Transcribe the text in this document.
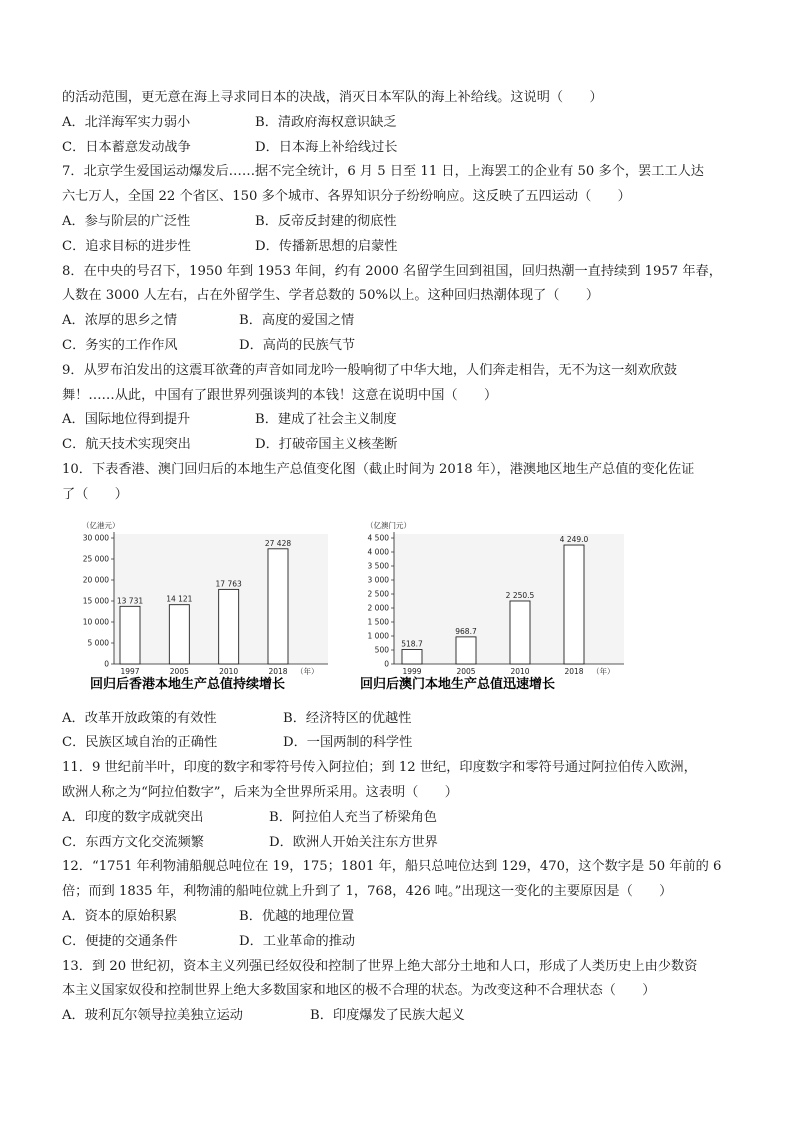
的活动范围，更无意在海上寻求同日本的决战，消灭日本军队的海上补给线。这说明（　　）
A．北洋海军实力弱小	B．清政府海权意识缺乏
C．日本蓄意发动战争	D．日本海上补给线过长
7．北京学生爱国运动爆发后……据不完全统计，6 月 5 日至 11 日，上海罢工的企业有 50 多个，罢工工人达
六七万人，全国 22 个省区、150 多个城市、各界知识分子纷纷响应。这反映了五四运动（　　）
A．参与阶层的广泛性	B．反帝反封建的彻底性
C．追求目标的进步性	D．传播新思想的启蒙性
8．在中央的号召下，1950 年到 1953 年间，约有 2000 名留学生回到祖国，回归热潮一直持续到 1957 年春，
人数在 3000 人左右，占在外留学生、学者总数的 50%以上。这种回归热潮体现了（　　）
A．浓厚的思乡之情	B．高度的爱国之情
C．务实的工作作风	D．高尚的民族气节
9．从罗布泊发出的这震耳欲聋的声音如同龙吟一般响彻了中华大地，人们奔走相告，无不为这一刻欢欣鼓
舞！……从此，中国有了跟世界列强谈判的本钱！这意在说明中国（　　）
A．国际地位得到提升	B．建成了社会主义制度
C．航天技术实现突出	D．打破帝国主义核垄断
10．下表香港、澳门回归后的本地生产总值变化图（截止时间为 2018 年），港澳地区地生产总值的变化佐证
了（　　）
（亿港元）
0
5 000
10 000
15 000
20 000
25 000
30 000
13 731
1997
14 121
2005
17 763
2010
27 428
2018 （年）
回归后香港本地生产总值持续增长
（亿澳门元）
0
500
1 000
1 500
2 000
2 500
3 000
3 500
4 000
4 500
518.7
1999
968.7
2005
2 250.5
2010
4 249.0
2018 （年）
回归后澳门本地生产总值迅速增长
A．改革开放政策的有效性	B．经济特区的优越性
C．民族区域自治的正确性	D．一国两制的科学性
11．9 世纪前半叶，印度的数字和零符号传入阿拉伯；到 12 世纪，印度数字和零符号通过阿拉伯传入欧洲，
欧洲人称之为“阿拉伯数字”，后来为全世界所采用。这表明（　　）
A．印度的数字成就突出	B．阿拉伯人充当了桥梁角色
C．东西方文化交流频繁	D．欧洲人开始关注东方世界
12．“1751 年利物浦船舰总吨位在 19，175；1801 年，船只总吨位达到 129，470，这个数字是 50 年前的 6
倍；而到 1835 年，利物浦的船吨位就上升到了 1，768，426 吨。”出现这一变化的主要原因是（　　）
A．资本的原始积累	B．优越的地理位置
C．便捷的交通条件	D．工业革命的推动
13．到 20 世纪初，资本主义列强已经奴役和控制了世界上绝大部分土地和人口，形成了人类历史上由少数资
本主义国家奴役和控制世界上绝大多数国家和地区的极不合理的状态。为改变这种不合理状态（　　）
A．玻利瓦尔领导拉美独立运动	B．印度爆发了民族大起义
